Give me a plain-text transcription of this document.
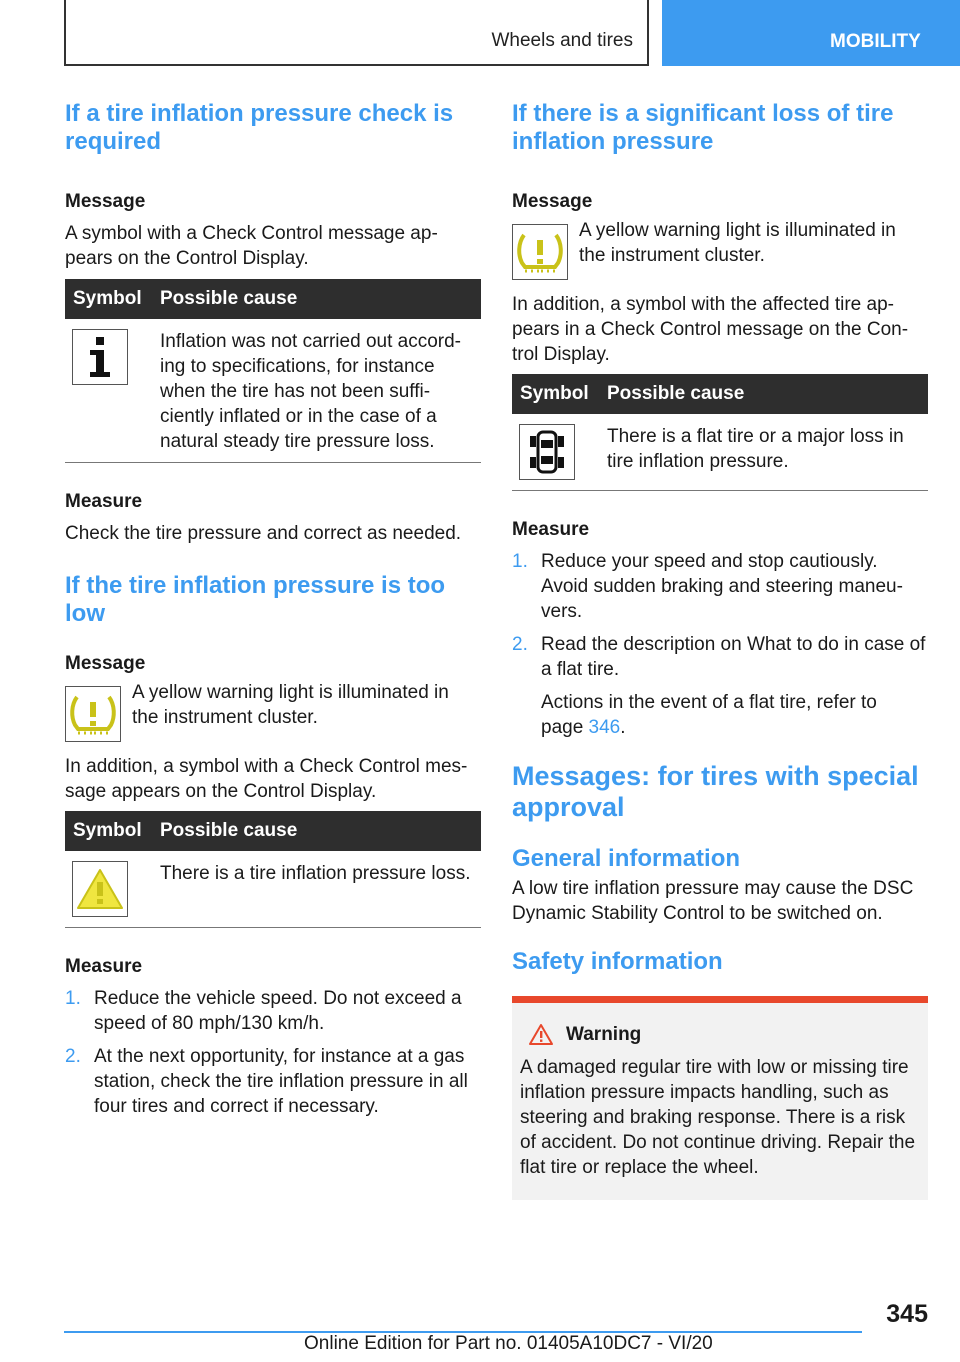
Wheels and tires	MOBILITY
If a tire inflation pressure check is
required
Message

A symbol with a Check Control message ap‐
pears on the Control Display.

Symbol Possible cause
Inflation was not carried out accord‐
ing to specifications, for instance
when the tire has not been suffi‐
ciently inflated or in the case of a
natural steady tire pressure loss.
Measure

Check the tire pressure and correct as needed.

If the tire inflation pressure is too
low
Message
A yellow warning light is illuminated in
the instrument cluster.

In addition, a symbol with a Check Control mes‐
sage appears on the Control Display.

Symbol Possible cause
There is a tire inflation pressure loss.
Measure
1. Reduce the vehicle speed. Do not exceed a
speed of 80 mph/130 km/h.
2. At the next opportunity, for instance at a gas
station, check the tire inflation pressure in all
four tires and correct if necessary.
If there is a significant loss of tire
inflation pressure
Message
A yellow warning light is illuminated in
the instrument cluster.

In addition, a symbol with the affected tire ap‐
pears in a Check Control message on the Con‐
trol Display.

Symbol Possible cause
There is a flat tire or a major loss in
tire inflation pressure.
Measure
1. Reduce your speed and stop cautiously.
Avoid sudden braking and steering maneu‐
vers.
2. Read the description on What to do in case of
a flat tire.
Actions in the event of a flat tire, refer to
page 346.
Messages: for tires with special
approval
General information

A low tire inflation pressure may cause the DSC
Dynamic Stability Control to be switched on.

Safety information
Warning

A damaged regular tire with low or missing tire
inflation pressure impacts handling, such as
steering and braking response. There is a risk
of accident. Do not continue driving. Repair the
flat tire or replace the wheel.

345
Online Edition for Part no. 01405A10DC7 - VI/20
